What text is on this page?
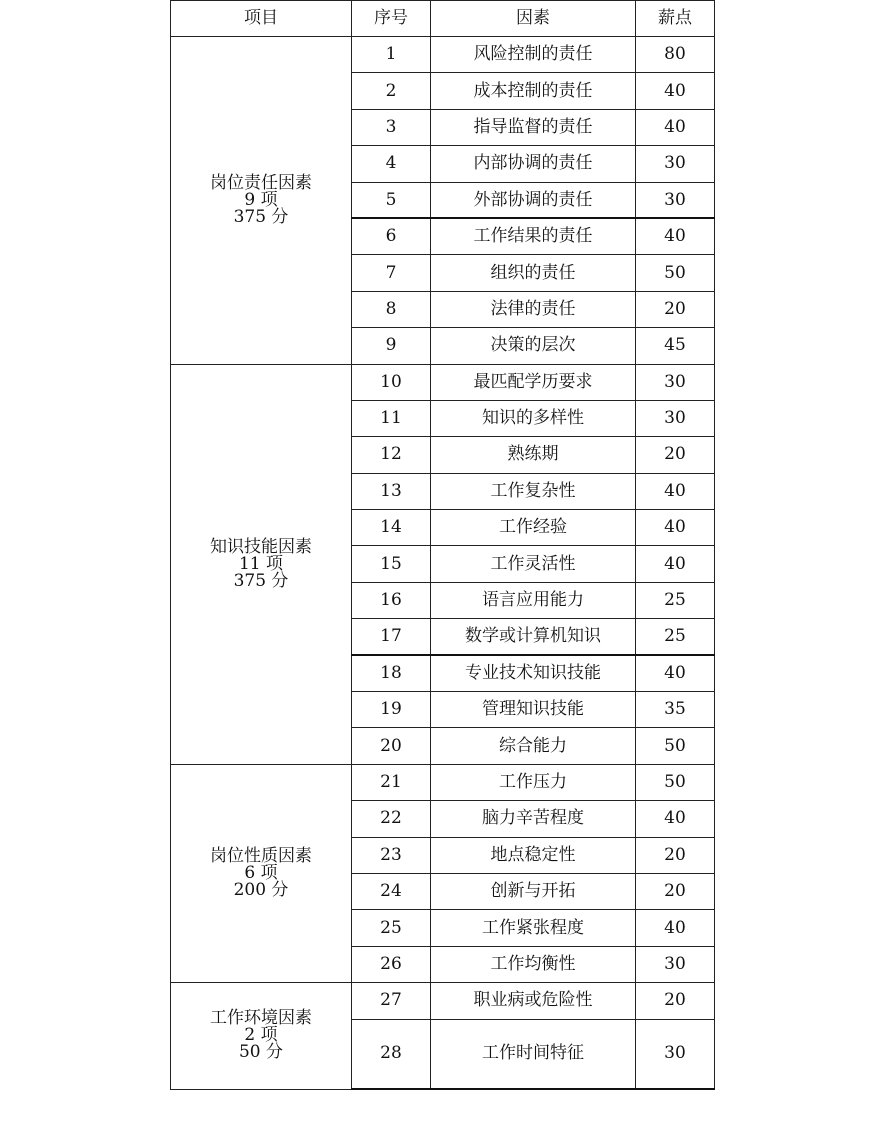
项目	序号	因素	薪点

岗位责任因素
9 项
375 分	1	风险控制的责任	80
	2	成本控制的责任	40
	3	指导监督的责任	40
	4	内部协调的责任	30
	5	外部协调的责任	30
	6	工作结果的责任	40
	7	组织的责任	50
	8	法律的责任	20
	9	决策的层次	45

知识技能因素
11 项
375 分	10	最匹配学历要求	30
	11	知识的多样性	30
	12	熟练期	20
	13	工作复杂性	40
	14	工作经验	40
	15	工作灵活性	40
	16	语言应用能力	25
	17	数学或计算机知识	25
	18	专业技术知识技能	40
	19	管理知识技能	35
	20	综合能力	50

岗位性质因素
6 项
200 分	21	工作压力	50
	22	脑力辛苦程度	40
	23	地点稳定性	20
	24	创新与开拓	20
	25	工作紧张程度	40
	26	工作均衡性	30

工作环境因素
2 项
50 分	27	职业病或危险性	20
	28	工作时间特征	30
